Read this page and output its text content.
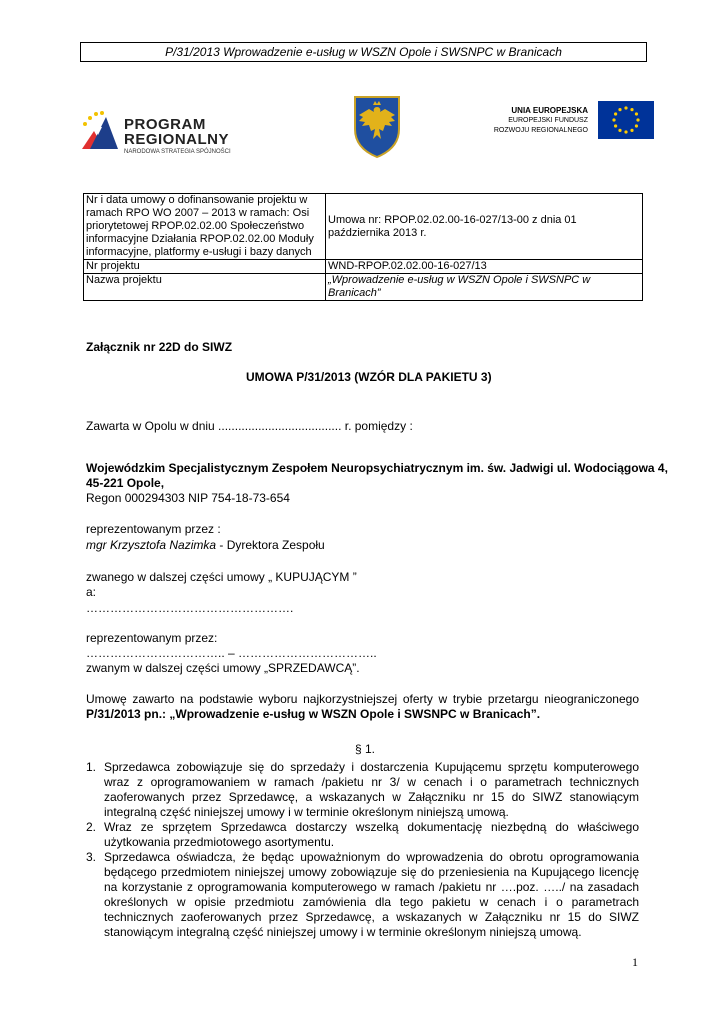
P/31/2013 Wprowadzenie e-usług w WSZN Opole i SWSNPC w Branicach
PROGRAM
REGIONALNY
NARODOWA STRATEGIA SPÓJNOŚCI
UNIA EUROPEJSKA
EUROPEJSKI FUNDUSZ
ROZWOJU REGIONALNEGO
Nr i data umowy o dofinansowanie projektu w ramach RPO WO 2007 – 2013 w ramach: Osi priorytetowej RPOP.02.02.00 Społeczeństwo informacyjne Działania RPOP.02.02.00 Moduły informacyjne, platformy e-usługi i bazy danych	Umowa nr: RPOP.02.02.00-16-027/13-00 z dnia 01 października 2013 r.
Nr projektu	WND-RPOP.02.02.00-16-027/13
Nazwa projektu	„Wprowadzenie e-usług w WSZN Opole i SWSNPC w Branicach”
Załącznik nr 22D do SIWZ
UMOWA P/31/2013 (WZÓR DLA PAKIETU 3)
Zawarta w Opolu w dniu ..................................... r. pomiędzy :
Wojewódzkim Specjalistycznym Zespołem Neuropsychiatrycznym im. św. Jadwigi ul. Wodociągowa 4,
45-221 Opole,
Regon 000294303 NIP 754-18-73-654
reprezentowanym przez :
mgr Krzysztofa Nazimka - Dyrektora Zespołu
zwanego w dalszej części umowy „ KUPUJĄCYM ”
a:
…………………………………………….
reprezentowanym przez:
…………………………….. – ……………………………..
zwanym w dalszej części umowy „SPRZEDAWCĄ”.
Umowę zawarto na podstawie wyboru najkorzystniejszej oferty w trybie przetargu nieograniczonego P/31/2013 pn.: „Wprowadzenie e-usług w WSZN Opole i SWSNPC w Branicach”.
§ 1.
1. Sprzedawca zobowiązuje się do sprzedaży i dostarczenia Kupującemu sprzętu komputerowego wraz z oprogramowaniem w ramach /pakietu nr 3/ w cenach i o parametrach technicznych zaoferowanych przez Sprzedawcę, a wskazanych w Załączniku nr 15 do SIWZ stanowiącym integralną część niniejszej umowy i w terminie określonym niniejszą umową.
2. Wraz ze sprzętem Sprzedawca dostarczy wszelką dokumentację niezbędną do właściwego użytkowania przedmiotowego asortymentu.
3. Sprzedawca oświadcza, że będąc upoważnionym do wprowadzenia do obrotu oprogramowania będącego przedmiotem niniejszej umowy zobowiązuje się do przeniesienia na Kupującego licencję na korzystanie z oprogramowania komputerowego w ramach /pakietu nr ….poz. …../ na zasadach określonych w opisie przedmiotu zamówienia dla tego pakietu w cenach i o parametrach technicznych zaoferowanych przez Sprzedawcę, a wskazanych w Załączniku nr 15 do SIWZ stanowiącym integralną część niniejszej umowy i w terminie określonym niniejszą umową.
1
